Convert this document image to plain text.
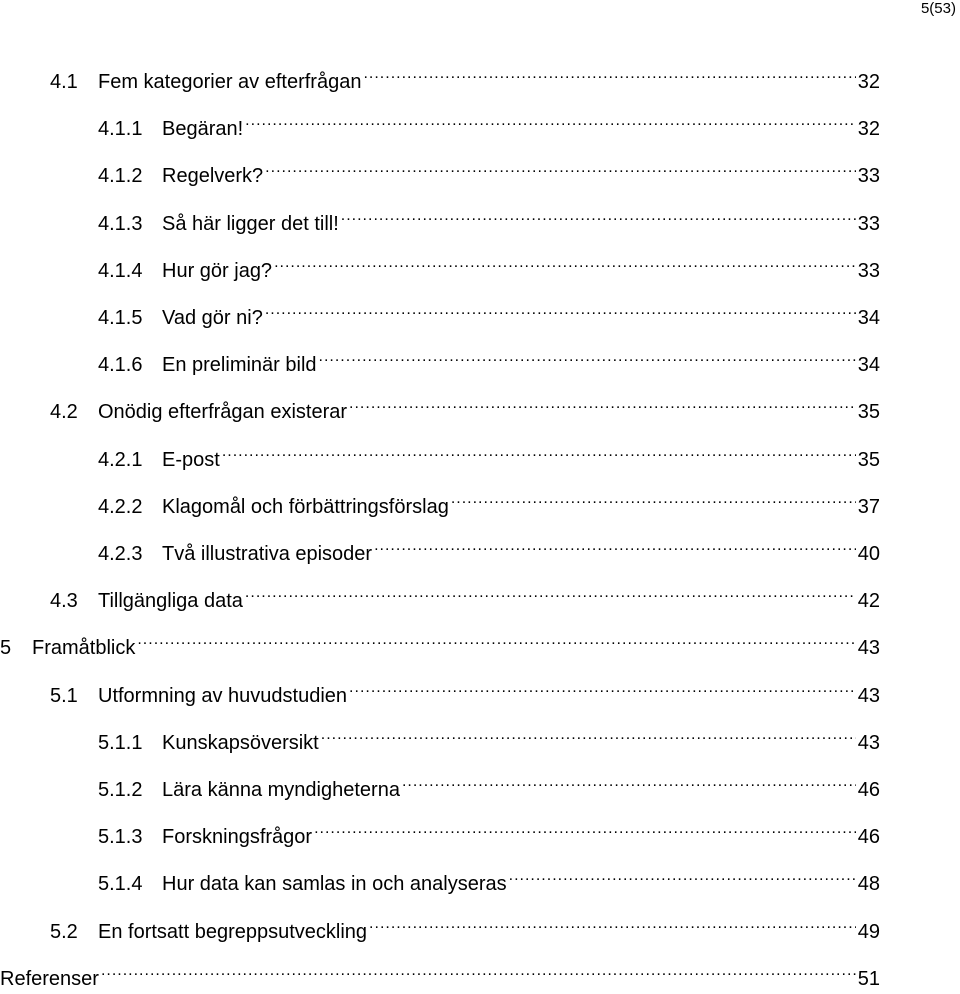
5(53)
4.1	Fem kategorier av efterfrågan .....	32
4.1.1 Begäran! .....	32
4.1.2 Regelverk? .....	33
4.1.3 Så här ligger det till! .....	33
4.1.4 Hur gör jag? .....	33
4.1.5 Vad gör ni? .....	34
4.1.6 En preliminär bild .....	34
4.2	Onödig efterfrågan existerar .....	35
4.2.1 E-post .....	35
4.2.2 Klagomål och förbättringsförslag .....	37
4.2.3 Två illustrativa episoder .....	40
4.3	Tillgängliga data .....	42
5	Framåtblick .....	43
5.1	Utformning av huvudstudien .....	43
5.1.1 Kunskapsöversikt .....	43
5.1.2 Lära känna myndigheterna .....	46
5.1.3 Forskningsfrågor .....	46
5.1.4 Hur data kan samlas in och analyseras .....	48
5.2	En fortsatt begreppsutveckling .....	49
Referenser .....	51
